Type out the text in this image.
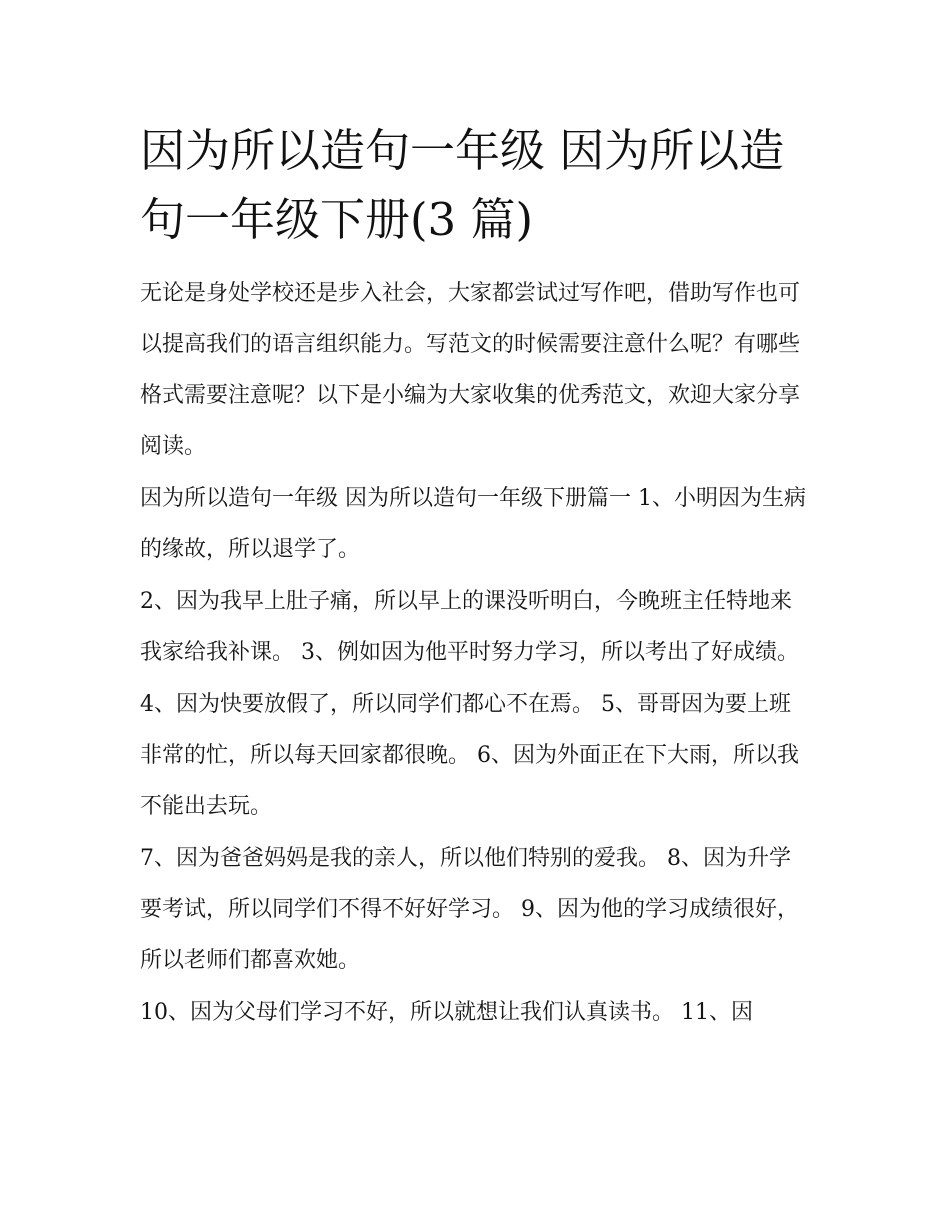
因为所以造句一年级 因为所以造句一年级下册(3 篇)

无论是身处学校还是步入社会，大家都尝试过写作吧，借助写作也可以提高我们的语言组织能力。写范文的时候需要注意什么呢？有哪些格式需要注意呢？以下是小编为大家收集的优秀范文，欢迎大家分享阅读。

因为所以造句一年级 因为所以造句一年级下册篇一 1、小明因为生病的缘故，所以退学了。

2、因为我早上肚子痛，所以早上的课没听明白，今晚班主任特地来我家给我补课。 3、例如因为他平时努力学习，所以考出了好成绩。

4、因为快要放假了，所以同学们都心不在焉。 5、哥哥因为要上班非常的忙，所以每天回家都很晚。 6、因为外面正在下大雨，所以我不能出去玩。

7、因为爸爸妈妈是我的亲人，所以他们特别的爱我。 8、因为升学要考试，所以同学们不得不好好学习。 9、因为他的学习成绩很好，所以老师们都喜欢她。

10、因为父母们学习不好，所以就想让我们认真读书。 11、因
